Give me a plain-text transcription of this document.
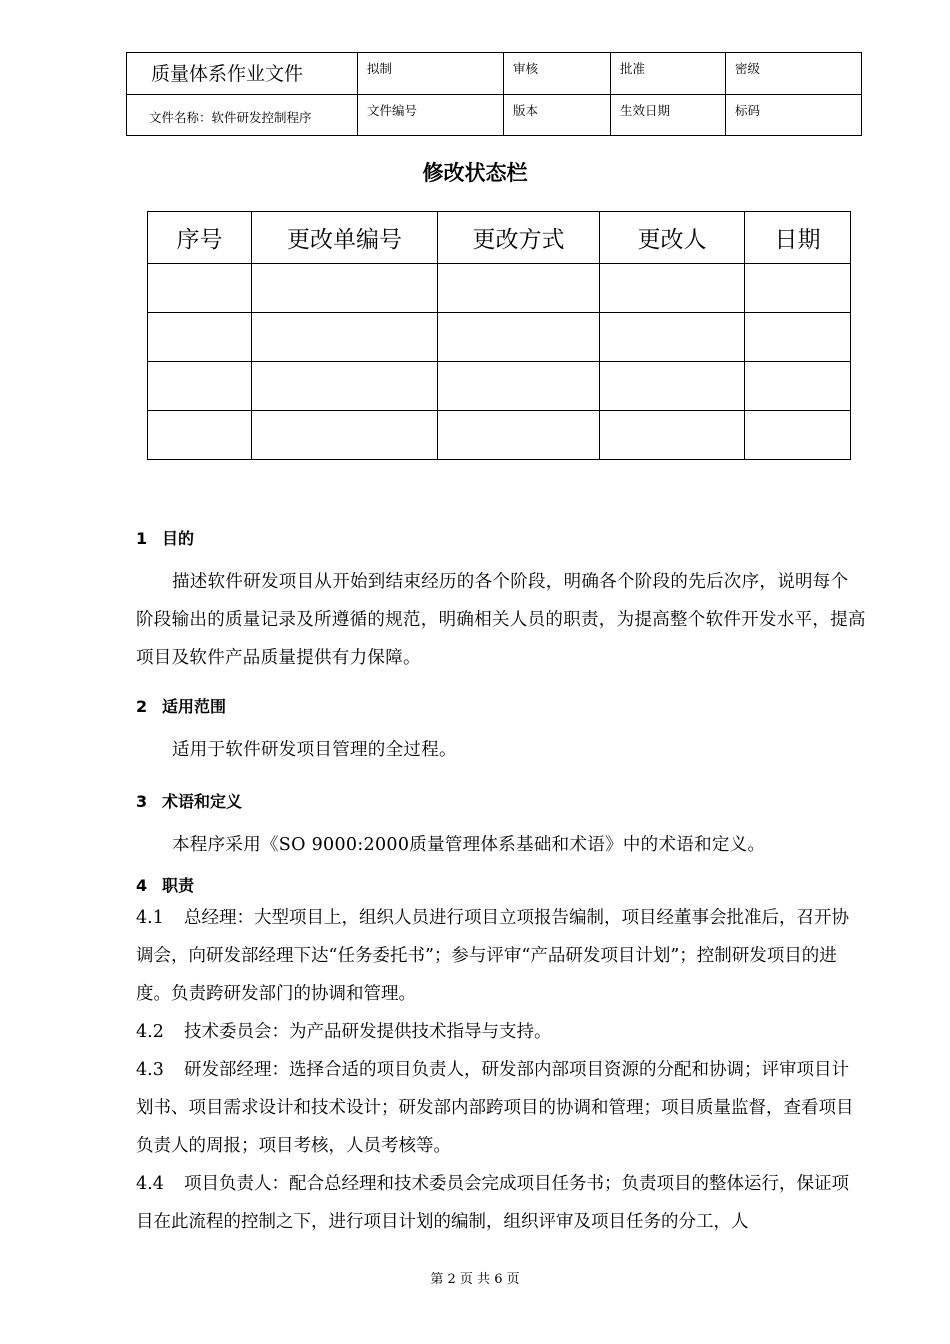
质量体系作业文件	拟制	审核	批准	密级
文件名称：软件研发控制程序	文件编号	版本	生效日期	标码
修改状态栏
序号	更改单编号	更改方式	更改人	日期

1 目的
描述软件研发项目从开始到结束经历的各个阶段，明确各个阶段的先后次序，说明每个阶段输出的质量记录及所遵循的规范，明确相关人员的职责，为提高整个软件开发水平，提高项目及软件产品质量提供有力保障。
2 适用范围
适用于软件研发项目管理的全过程。
3 术语和定义
本程序采用《SO 9000:2000质量管理体系基础和术语》中的术语和定义。
4 职责
4.1 总经理：大型项目上，组织人员进行项目立项报告编制，项目经董事会批准后，召开协调会，向研发部经理下达“任务委托书”；参与评审“产品研发项目计划”；控制研发项目的进度。负责跨研发部门的协调和管理。
4.2 技术委员会：为产品研发提供技术指导与支持。
4.3 研发部经理：选择合适的项目负责人，研发部内部项目资源的分配和协调；评审项目计划书、项目需求设计和技术设计；研发部内部跨项目的协调和管理；项目质量监督，查看项目负责人的周报；项目考核，人员考核等。
4.4 项目负责人：配合总经理和技术委员会完成项目任务书；负责项目的整体运行，保证项目在此流程的控制之下，进行项目计划的编制，组织评审及项目任务的分工，人
第 2 页 共 6 页
